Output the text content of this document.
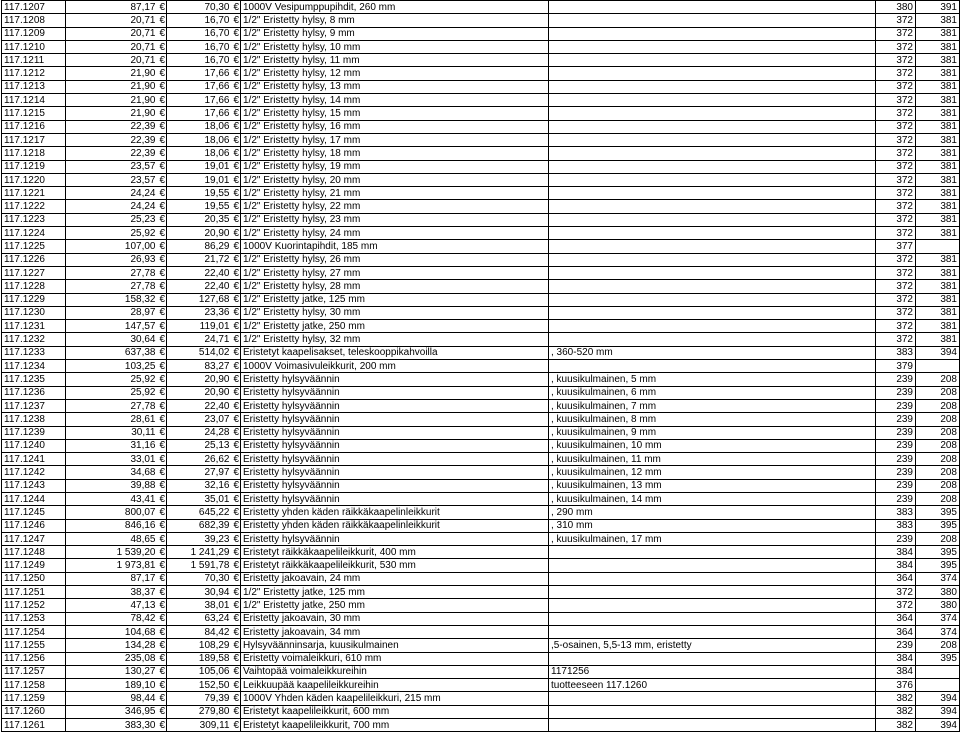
117.1207	87,17	€	70,30	€	1000V Vesipumppupihdit, 260 mm		380	391
117.1208	20,71	€	16,70	€	1/2" Eristetty hylsy, 8 mm		372	381
117.1209	20,71	€	16,70	€	1/2" Eristetty hylsy, 9 mm		372	381
117.1210	20,71	€	16,70	€	1/2" Eristetty hylsy, 10 mm		372	381
117.1211	20,71	€	16,70	€	1/2" Eristetty hylsy, 11 mm		372	381
117.1212	21,90	€	17,66	€	1/2" Eristetty hylsy, 12 mm		372	381
117.1213	21,90	€	17,66	€	1/2" Eristetty hylsy, 13 mm		372	381
117.1214	21,90	€	17,66	€	1/2" Eristetty hylsy, 14 mm		372	381
117.1215	21,90	€	17,66	€	1/2" Eristetty hylsy, 15 mm		372	381
117.1216	22,39	€	18,06	€	1/2" Eristetty hylsy, 16 mm		372	381
117.1217	22,39	€	18,06	€	1/2" Eristetty hylsy, 17 mm		372	381
117.1218	22,39	€	18,06	€	1/2" Eristetty hylsy, 18 mm		372	381
117.1219	23,57	€	19,01	€	1/2" Eristetty hylsy, 19 mm		372	381
117.1220	23,57	€	19,01	€	1/2" Eristetty hylsy, 20 mm		372	381
117.1221	24,24	€	19,55	€	1/2" Eristetty hylsy, 21 mm		372	381
117.1222	24,24	€	19,55	€	1/2" Eristetty hylsy, 22 mm		372	381
117.1223	25,23	€	20,35	€	1/2" Eristetty hylsy, 23 mm		372	381
117.1224	25,92	€	20,90	€	1/2" Eristetty hylsy, 24 mm		372	381
117.1225	107,00	€	86,29	€	1000V Kuorintapihdit, 185 mm		377	
117.1226	26,93	€	21,72	€	1/2" Eristetty hylsy, 26 mm		372	381
117.1227	27,78	€	22,40	€	1/2" Eristetty hylsy, 27 mm		372	381
117.1228	27,78	€	22,40	€	1/2" Eristetty hylsy, 28 mm		372	381
117.1229	158,32	€	127,68	€	1/2" Eristetty jatke, 125 mm		372	381
117.1230	28,97	€	23,36	€	1/2" Eristetty hylsy, 30 mm		372	381
117.1231	147,57	€	119,01	€	1/2" Eristetty jatke, 250 mm		372	381
117.1232	30,64	€	24,71	€	1/2" Eristetty hylsy, 32 mm		372	381
117.1233	637,38	€	514,02	€	Eristetyt kaapelisakset, teleskooppikahvoilla	, 360-520 mm	383	394
117.1234	103,25	€	83,27	€	1000V Voimasivuleikkurit, 200 mm		379	
117.1235	25,92	€	20,90	€	Eristetty hylsyväännin	, kuusikulmainen, 5 mm	239	208
117.1236	25,92	€	20,90	€	Eristetty hylsyväännin	, kuusikulmainen, 6 mm	239	208
117.1237	27,78	€	22,40	€	Eristetty hylsyväännin	, kuusikulmainen, 7 mm	239	208
117.1238	28,61	€	23,07	€	Eristetty hylsyväännin	, kuusikulmainen, 8 mm	239	208
117.1239	30,11	€	24,28	€	Eristetty hylsyväännin	, kuusikulmainen, 9 mm	239	208
117.1240	31,16	€	25,13	€	Eristetty hylsyväännin	, kuusikulmainen, 10 mm	239	208
117.1241	33,01	€	26,62	€	Eristetty hylsyväännin	, kuusikulmainen, 11 mm	239	208
117.1242	34,68	€	27,97	€	Eristetty hylsyväännin	, kuusikulmainen, 12 mm	239	208
117.1243	39,88	€	32,16	€	Eristetty hylsyväännin	, kuusikulmainen, 13 mm	239	208
117.1244	43,41	€	35,01	€	Eristetty hylsyväännin	, kuusikulmainen, 14 mm	239	208
117.1245	800,07	€	645,22	€	Eristetty yhden käden räikkäkaapelinleikkurit	, 290 mm	383	395
117.1246	846,16	€	682,39	€	Eristetty yhden käden räikkäkaapelinleikkurit	, 310 mm	383	395
117.1247	48,65	€	39,23	€	Eristetty hylsyväännin	, kuusikulmainen, 17 mm	239	208
117.1248	1 539,20	€	1 241,29	€	Eristetyt räikkäkaapelileikkurit, 400 mm		384	395
117.1249	1 973,81	€	1 591,78	€	Eristetyt räikkäkaapelileikkurit, 530 mm		384	395
117.1250	87,17	€	70,30	€	Eristetty jakoavain, 24 mm		364	374
117.1251	38,37	€	30,94	€	1/2" Eristetty jatke, 125 mm		372	380
117.1252	47,13	€	38,01	€	1/2" Eristetty jatke, 250 mm		372	380
117.1253	78,42	€	63,24	€	Eristetty jakoavain, 30 mm		364	374
117.1254	104,68	€	84,42	€	Eristetty jakoavain, 34 mm		364	374
117.1255	134,28	€	108,29	€	Hylsyväänninsarja, kuusikulmainen	,5-osainen, 5,5-13 mm, eristetty	239	208
117.1256	235,08	€	189,58	€	Eristetty voimaleikkuri, 610 mm		384	395
117.1257	130,27	€	105,06	€	Vaihtopää voimaleikkureihin	1171256	384	
117.1258	189,10	€	152,50	€	Leikkuupää kaapelileikkureihin	tuotteeseen 117.1260	376	
117.1259	98,44	€	79,39	€	1000V Yhden käden kaapelileikkuri, 215 mm		382	394
117.1260	346,95	€	279,80	€	Eristetyt kaapelileikkurit, 600 mm		382	394
117.1261	383,30	€	309,11	€	Eristetyt kaapelileikkurit, 700 mm		382	394
